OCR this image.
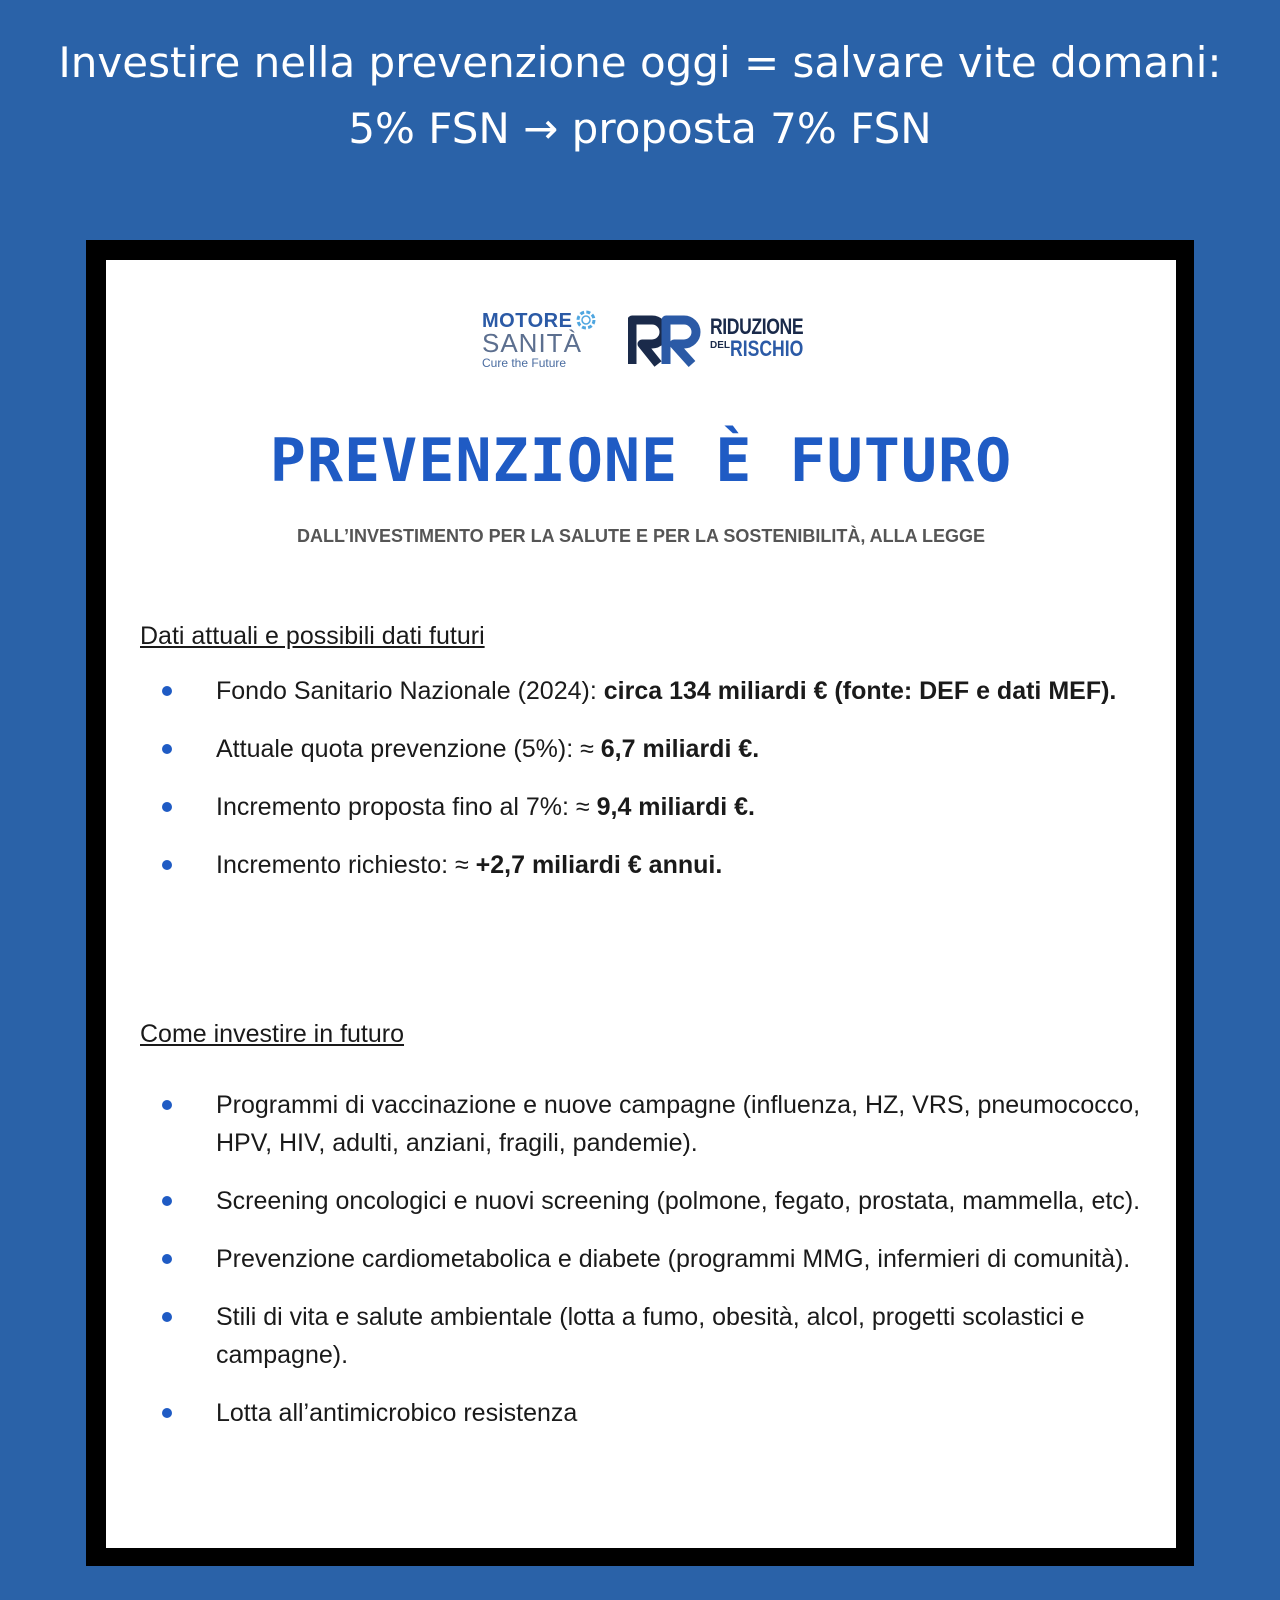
Investire nella prevenzione oggi = salvare vite domani:
5% FSN → proposta 7% FSN
MOTORE
SANITÀ
Cure the Future
RIDUZIONE
DEL RISCHIO
PREVENZIONE È FUTURO
DALL’INVESTIMENTO PER LA SALUTE E PER LA SOSTENIBILITÀ, ALLA LEGGE
Dati attuali e possibili dati futuri
Fondo Sanitario Nazionale (2024): circa 134 miliardi € (fonte: DEF e dati MEF).
Attuale quota prevenzione (5%): ≈ 6,7 miliardi €.
Incremento proposta fino al 7%: ≈ 9,4 miliardi €.
Incremento richiesto: ≈ +2,7 miliardi € annui.
Come investire in futuro
Programmi di vaccinazione e nuove campagne (influenza, HZ, VRS, pneumococco, HPV, HIV, adulti, anziani, fragili, pandemie).
Screening oncologici e nuovi screening (polmone, fegato, prostata, mammella, etc).
Prevenzione cardiometabolica e diabete (programmi MMG, infermieri di comunità).
Stili di vita e salute ambientale (lotta a fumo, obesità, alcol, progetti scolastici e campagne).
Lotta all’antimicrobico resistenza
